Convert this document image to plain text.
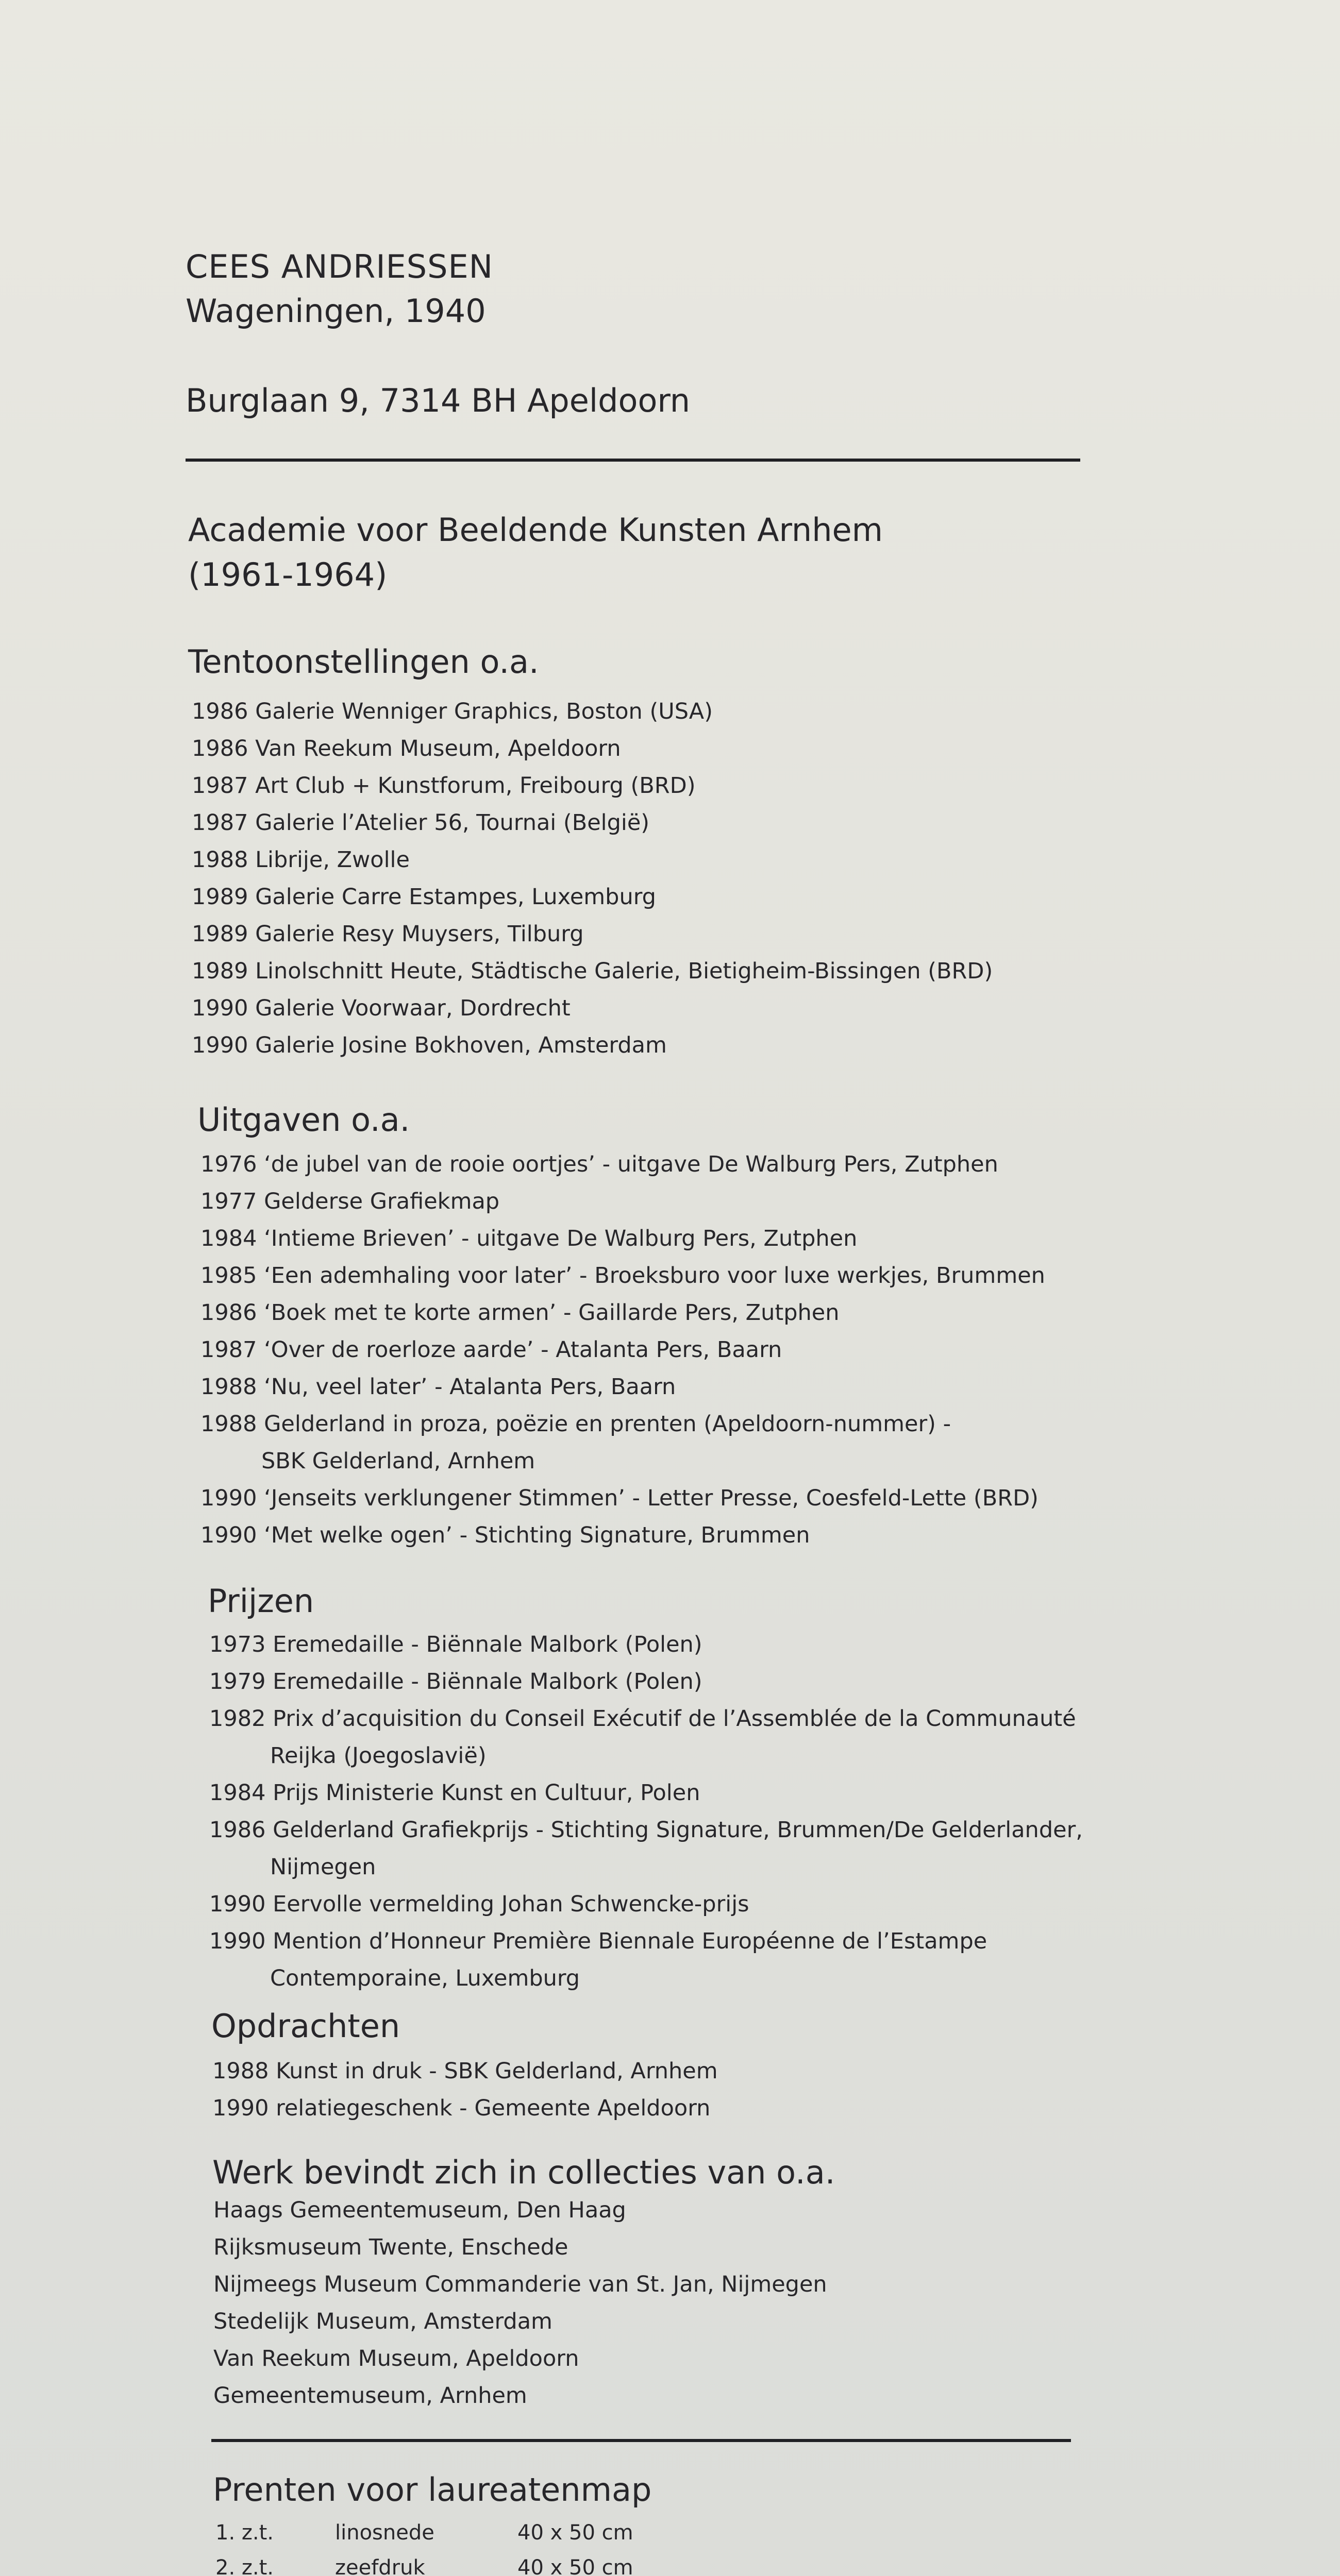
CEES ANDRIESSEN
Wageningen, 1940
Burglaan 9, 7314 BH Apeldoorn
Academie voor Beeldende Kunsten Arnhem
(1961-1964)
Tentoonstellingen o.a.
1986 Galerie Wenniger Graphics, Boston (USA)
1986 Van Reekum Museum, Apeldoorn
1987 Art Club + Kunstforum, Freibourg (BRD)
1987 Galerie l’Atelier 56, Tournai (België)
1988 Librije, Zwolle
1989 Galerie Carre Estampes, Luxemburg
1989 Galerie Resy Muysers, Tilburg
1989 Linolschnitt Heute, Städtische Galerie, Bietigheim-Bissingen (BRD)
1990 Galerie Voorwaar, Dordrecht
1990 Galerie Josine Bokhoven, Amsterdam
Uitgaven o.a.
1976 ‘de jubel van de rooie oortjes’ - uitgave De Walburg Pers, Zutphen
1977 Gelderse Grafiekmap
1984 ‘Intieme Brieven’ - uitgave De Walburg Pers, Zutphen
1985 ‘Een ademhaling voor later’ - Broeksburo voor luxe werkjes, Brummen
1986 ‘Boek met te korte armen’ - Gaillarde Pers, Zutphen
1987 ‘Over de roerloze aarde’ - Atalanta Pers, Baarn
1988 ‘Nu, veel later’ - Atalanta Pers, Baarn
1988 Gelderland in proza, poëzie en prenten (Apeldoorn-nummer) -
SBK Gelderland, Arnhem
1990 ‘Jenseits verklungener Stimmen’ - Letter Presse, Coesfeld-Lette (BRD)
1990 ‘Met welke ogen’ - Stichting Signature, Brummen
Prijzen
1973 Eremedaille - Biënnale Malbork (Polen)
1979 Eremedaille - Biënnale Malbork (Polen)
1982 Prix d’acquisition du Conseil Exécutif de l’Assemblée de la Communauté
Reijka (Joegoslavië)
1984 Prijs Ministerie Kunst en Cultuur, Polen
1986 Gelderland Grafiekprijs - Stichting Signature, Brummen/De Gelderlander,
Nijmegen
1990 Eervolle vermelding Johan Schwencke-prijs
1990 Mention d’Honneur Première Biennale Européenne de l’Estampe
Contemporaine, Luxemburg
Opdrachten
1988 Kunst in druk - SBK Gelderland, Arnhem
1990 relatiegeschenk - Gemeente Apeldoorn
Werk bevindt zich in collecties van o.a.
Haags Gemeentemuseum, Den Haag
Rijksmuseum Twente, Enschede
Nijmeegs Museum Commanderie van St. Jan, Nijmegen
Stedelijk Museum, Amsterdam
Van Reekum Museum, Apeldoorn
Gemeentemuseum, Arnhem
Prenten voor laureatenmap
1. z.t.	linosnede	40 x 50 cm
2. z.t.	zeefdruk	40 x 50 cm
